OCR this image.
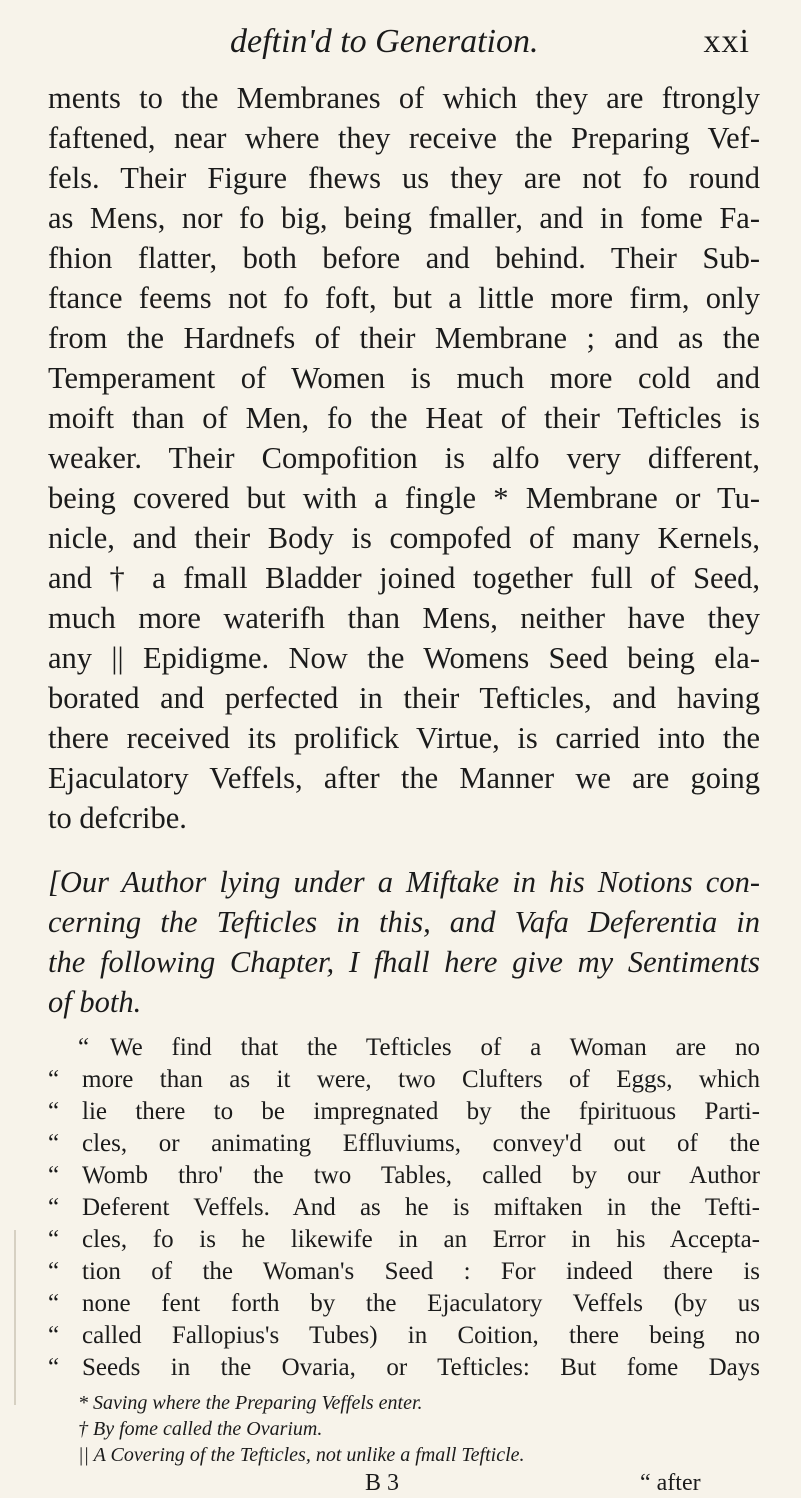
deftin'd to Generation.	xxi
ments to the Membranes of which they are ftrongly
faftened, near where they receive the Preparing Vef-
fels. Their Figure fhews us they are not fo round
as Mens, nor fo big, being fmaller, and in fome Fa-
fhion flatter, both before and behind. Their Sub-
ftance feems not fo foft, but a little more firm, only
from the Hardnefs of their Membrane ; and as the
Temperament of Women is much more cold and
moift than of Men, fo the Heat of their Tefticles is
weaker. Their Compofition is alfo very different,
being covered but with a fingle * Membrane or Tu-
nicle, and their Body is compofed of many Kernels,
and † a fmall Bladder joined together full of Seed,
much more waterifh than Mens, neither have they
any || Epidigme. Now the Womens Seed being ela-
borated and perfected in their Tefticles, and having
there received its prolifick Virtue, is carried into the
Ejaculatory Veffels, after the Manner we are going
to defcribe.
[Our Author lying under a Miftake in his Notions con-
cerning the Tefticles in this, and Vafa Deferentia in
the following Chapter, I fhall here give my Sentiments
of both.
“ We find that the Tefticles of a Woman are no
“ more than as it were, two Clufters of Eggs, which
“ lie there to be impregnated by the fpirituous Parti-
“ cles, or animating Effluviums, convey'd out of the
“ Womb thro' the two Tables, called by our Author
“ Deferent Veffels. And as he is miftaken in the Tefti-
“ cles, fo is he likewife in an Error in his Accepta-
“ tion of the Woman's Seed : For indeed there is
“ none fent forth by the Ejaculatory Veffels (by us
B 3	“ after
“ called Fallopius's Tubes) in Coition, there being no
“ Seeds in the Ovaria, or Tefticles: But fome Days
* Saving where the Preparing Veffels enter.
† By fome called the Ovarium.
|| A Covering of the Tefticles, not unlike a fmall Tefticle.
